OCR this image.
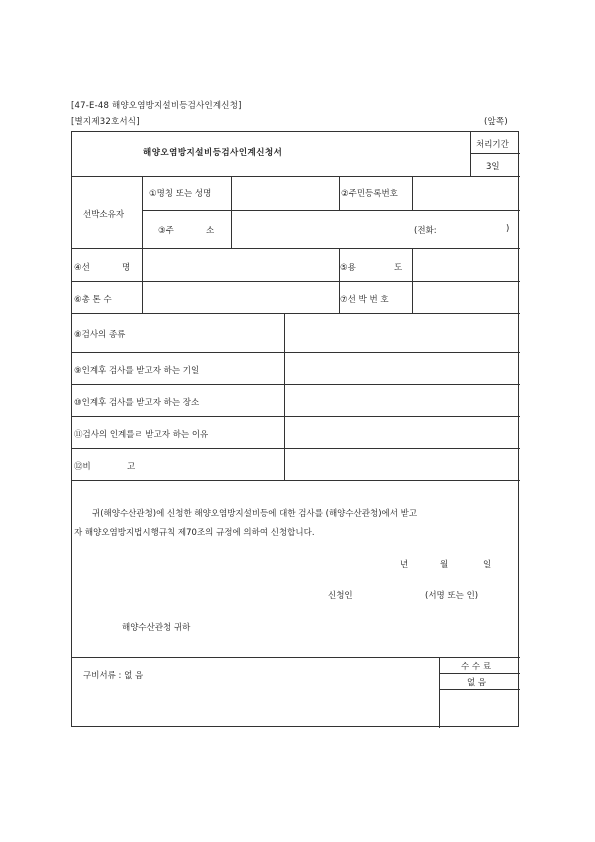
[47-E-48 해양오염방지설비등검사인계신청]
[별지제32호서식]	(앞쪽)
해양오염방지설비등검사인계신청서
처리기간
3일
선박소유자
①명칭 또는 성명	②주민등록번호
③주	소	(전화:	)
④선	명	⑤용	도
⑥총 톤 수	⑦선 박 번 호
⑧검사의 종류
⑨인계후 검사를 받고자 하는 기일
⑩인계후 검사를 받고자 하는 장소
⑪검사의 인계를ㄹ 받고자 하는 이유
⑫비	고
귀(해양수산관청)에 신청한 해양오염방지설비등에 대한 검사를 (해양수산관청)에서 받고
자 해양오염방지법시행규칙 제70조의 규정에 의하여 신청합니다.
년	월	일
신청인	(서명 또는 인)
해양수산관청 귀하
구비서류 : 없 음
수 수 료
없 음
